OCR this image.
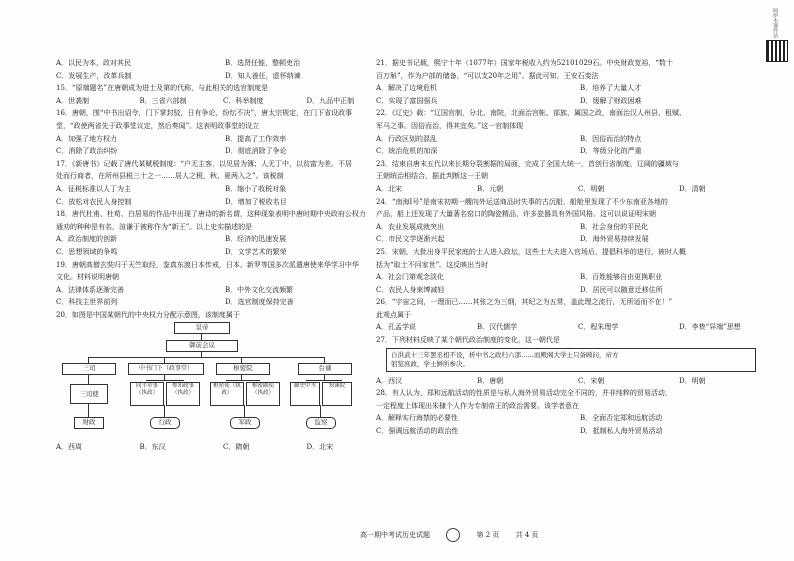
阿伊木课件站
A．以民为本，政对其民	B．选贤任能，整顿吏治
C．发展生产，改革兵制	D．知人善任，虚怀纳谏
15．“原端题名”在唐朝成为进士及第的代称，与此相关的选官制度是
A．世袭制	B．三省六部制	C．科举制度	D．九品中正制
16．唐朝，围“中书出诏令，门下掌封驳，日有争论，纷纭不决”，唐太宗规定，在门下省设政事
堂，“政使两省先于政事堂议定，然后奏闻”。这表明政事堂的设立
A．加强了地方权力	B．提高了工作效率
C．消除了政治纠纷	D．彻底消除了争论
17．《新唐书》记载了唐代某赋税制度：“户无主客，以见居为簿；人无丁中，以贫富为差。不居
处而行商者，在所州县税三十之一……居人之税，秋、夏两入之”。该税制
A．征税标准以人丁为主	B．缩小了收税对象
C．放松对农民人身控制	D．增加了税收名目
18．唐代杜甫、杜荀、白居易的作品中出现了唐诗的新名谓，这种现象表明中唐时期中央政府公权力
通劝的种种是有名，渲谦于被称作为“新王”。以上史实描述的是
A．政治制度的创新	B．经济的迅速发展
C．思想领域的争鸣	D．文学艺术的繁荣
19．唐朝高僧玄奘归于天竺取经，鉴真东渡日本传戒，日本、新罗等国多次派遣唐使来华学习中华
文化。材料说明唐朝
A．法律体系逐渐完善	B．中外文化交流频繁
C．科技主世界前列	D．选官制度保持完善
20．如图是中国某朝代的中央权力分配示意图，该制度属于
皇帝
御前会议
三司	中书门下（政事堂）	枢密院	台谏
三司使
同平章事（执政）
参知政事（执政）
枢密使（执政）
枢密副使（执政）
御史中丞	知谏院
财政	行政	军政	监察
A．西周	B．东汉	C．隋朝	D．北宋
21．据史书记载，熙宁十年（1077年）国家年税收入约为52101029石。中央财政宽裕，“数十
百万斛”，作为户部的储备，“可以支20年之用”。据此可知，王安石变法
A．解决了边境危机	B．培养了大量人才
C．实现了富国强兵	D．缓解了财政困难
22．《辽史》载：“辽国官制，分北、南院，北面治宫帐、部族、属国之政，南面治汉人州县、租赋、
军马之事。因俗而治，得其宜矣。”这一官制体现
A．行政区划的混乱	B．因俗而治的特点
C．统治危机的加深	D．等级分化的严重
23．结束自唐末五代以来长期分裂割据的局面，完成了全国大统一，首创行省制度，辽阔的疆域与
王朝统治相结合，据此判断这一王朝
A．北宋	B．元朝	C．明朝	D．清朝
24．“南海Ⅰ号”是南宋初期一艘向外运送商品时失事的古沉船，船舱里发现了不少东南亚各地的
产品，船上还发现了大量著名窑口的陶瓷精品，许多瓷器具有外国风格。这可以说证明宋朝
A．农业发展成就突出	B．社会身份的平民化
C．市民文学逐渐兴起	D．海外贸易持续发展
25．宋朝，大批出身平民家庭的士人进入政坛，这些士大夫进入官场后，提倡科举的进行，被时人概
括为“取士不问家世”。这反映出当时
A．社会门第观念淡化	B．百姓能够自由更换职业
C．农民人身束缚减轻	D．居民可以随意迁移住所
26．“宇宙之间，一理而已……其张之为三纲，其纪之为五常，盖此理之流行，无所适而不在！”
此观点属于
A．孔孟学说	B．汉代儒学	C．程朱理学	D．李贽“异端”思想
27．下列材料反映了某个朝代政治制度的变化，这一朝代是
自洪武十三年罢丞相不设，析中书之政归六部……而殿阁大学士只备顾问，帝方
躬览庶政，学士鲜所参决。
A．西汉	B．唐朝	C．宋朝	D．明朝
28．有人认为，郑和远航活动的性质是与私人海外贸易活动完全不同的，并非纯粹的贸易活动，
一定程度上体现出朱棣个人作为专制帝王的政治需要。该学者意在
A．解释实行海禁的必要性	B．全面否定郑和远航活动
C．强调远航活动的政治性	D．抵制私人海外贸易活动
高一期中考试历史试题	第 2 页 共 4 页
